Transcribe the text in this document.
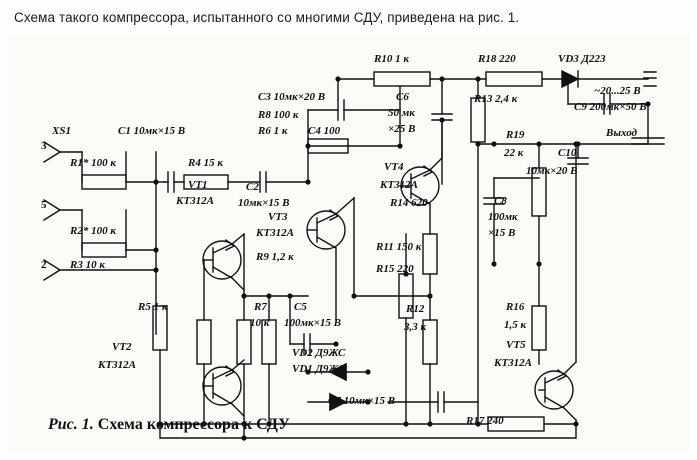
Схема такого компрессора, испытанного со многими СДУ, приведена на рис. 1.
XS1
3
5
2
C1 10мк×15 В
R1* 100 к
R2* 100 к
R3 10 к
R4 15 к
VT1
КТ312А
VT2
КТ312А
R5 1 к
C2
10мк×15 В
VT3
КТ312А
C3 10мк×20 В
R8 100 к
R6 1 к C4 100
R9 1,2 к
R7
10 к
C5
100мк×15 В
VD2 Д9ЖС
VD1 Д9ЖС
C7 10мк×15 В
R10 1 к
C6
50 мк
×25 В
VT4
КТ312А
R14 620
R11 150 к
R15 220
R12
3,3 к
R13 2,4 к
R18 220	VD3 Д223
~20...25 В
C9 200мк×50 В
Выход
R19
22 к	C10
10мк×20 В
C8
100мк
×15 В
R16
1,5 к
VT5
КТ312А
R17 240
Рис. 1. Схема компрессора к СДУ
